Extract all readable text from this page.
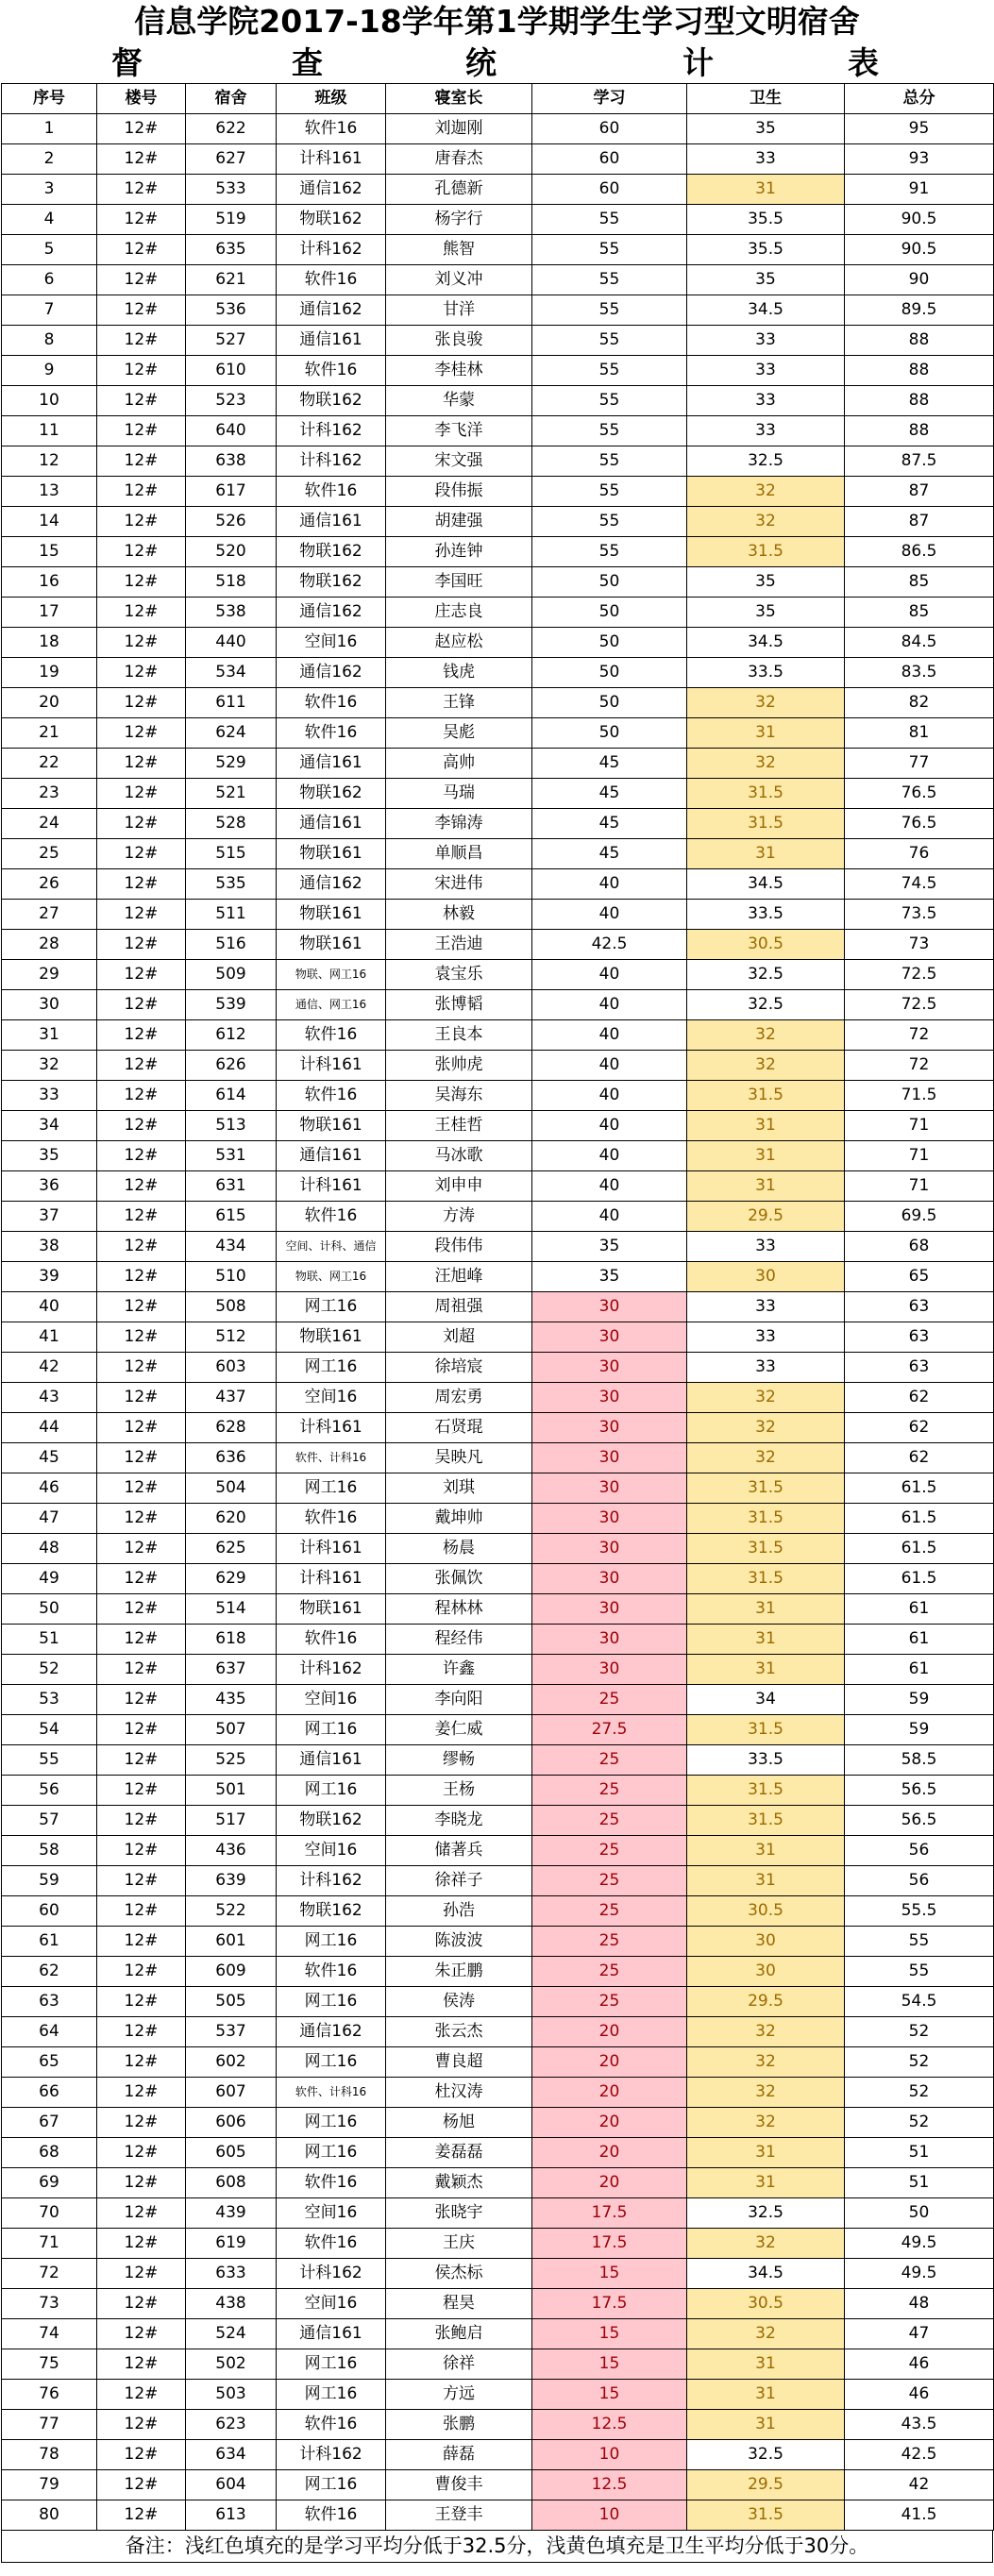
信息学院2017-18学年第1学期学生学习型文明宿舍
督	查	统	计	表
序号	楼号	宿舍	班级	寝室长	学习	卫生	总分
1	12#	622	软件16	刘迦刚	60	35	95
2	12#	627	计科161	唐春杰	60	33	93
3	12#	533	通信162	孔德新	60	31	91
4	12#	519	物联162	杨字行	55	35.5	90.5
5	12#	635	计科162	熊智	55	35.5	90.5
6	12#	621	软件16	刘义冲	55	35	90
7	12#	536	通信162	甘洋	55	34.5	89.5
8	12#	527	通信161	张良骏	55	33	88
9	12#	610	软件16	李桂林	55	33	88
10	12#	523	物联162	华蒙	55	33	88
11	12#	640	计科162	李飞洋	55	33	88
12	12#	638	计科162	宋文强	55	32.5	87.5
13	12#	617	软件16	段伟振	55	32	87
14	12#	526	通信161	胡建强	55	32	87
15	12#	520	物联162	孙连钟	55	31.5	86.5
16	12#	518	物联162	李国旺	50	35	85
17	12#	538	通信162	庄志良	50	35	85
18	12#	440	空间16	赵应松	50	34.5	84.5
19	12#	534	通信162	钱虎	50	33.5	83.5
20	12#	611	软件16	王锋	50	32	82
21	12#	624	软件16	吴彪	50	31	81
22	12#	529	通信161	高帅	45	32	77
23	12#	521	物联162	马瑞	45	31.5	76.5
24	12#	528	通信161	李锦涛	45	31.5	76.5
25	12#	515	物联161	单顺昌	45	31	76
26	12#	535	通信162	宋进伟	40	34.5	74.5
27	12#	511	物联161	林毅	40	33.5	73.5
28	12#	516	物联161	王浩迪	42.5	30.5	73
29	12#	509	物联、网工16	袁宝乐	40	32.5	72.5
30	12#	539	通信、网工16	张博韬	40	32.5	72.5
31	12#	612	软件16	王良本	40	32	72
32	12#	626	计科161	张帅虎	40	32	72
33	12#	614	软件16	吴海东	40	31.5	71.5
34	12#	513	物联161	王桂哲	40	31	71
35	12#	531	通信161	马冰歌	40	31	71
36	12#	631	计科161	刘申申	40	31	71
37	12#	615	软件16	方涛	40	29.5	69.5
38	12#	434	空间、计科、通信	段伟伟	35	33	68
39	12#	510	物联、网工16	汪旭峰	35	30	65
40	12#	508	网工16	周祖强	30	33	63
41	12#	512	物联161	刘超	30	33	63
42	12#	603	网工16	徐培宸	30	33	63
43	12#	437	空间16	周宏勇	30	32	62
44	12#	628	计科161	石贤琨	30	32	62
45	12#	636	软件、计科16	吴映凡	30	32	62
46	12#	504	网工16	刘琪	30	31.5	61.5
47	12#	620	软件16	戴坤帅	30	31.5	61.5
48	12#	625	计科161	杨晨	30	31.5	61.5
49	12#	629	计科161	张佩饮	30	31.5	61.5
50	12#	514	物联161	程林林	30	31	61
51	12#	618	软件16	程经伟	30	31	61
52	12#	637	计科162	许鑫	30	31	61
53	12#	435	空间16	李向阳	25	34	59
54	12#	507	网工16	姜仁威	27.5	31.5	59
55	12#	525	通信161	缪畅	25	33.5	58.5
56	12#	501	网工16	王杨	25	31.5	56.5
57	12#	517	物联162	李晓龙	25	31.5	56.5
58	12#	436	空间16	储著兵	25	31	56
59	12#	639	计科162	徐祥子	25	31	56
60	12#	522	物联162	孙浩	25	30.5	55.5
61	12#	601	网工16	陈波波	25	30	55
62	12#	609	软件16	朱正鹏	25	30	55
63	12#	505	网工16	侯涛	25	29.5	54.5
64	12#	537	通信162	张云杰	20	32	52
65	12#	602	网工16	曹良超	20	32	52
66	12#	607	软件、计科16	杜汉涛	20	32	52
67	12#	606	网工16	杨旭	20	32	52
68	12#	605	网工16	姜磊磊	20	31	51
69	12#	608	软件16	戴颖杰	20	31	51
70	12#	439	空间16	张晓宇	17.5	32.5	50
71	12#	619	软件16	王庆	17.5	32	49.5
72	12#	633	计科162	侯杰标	15	34.5	49.5
73	12#	438	空间16	程昊	17.5	30.5	48
74	12#	524	通信161	张鲍启	15	32	47
75	12#	502	网工16	徐祥	15	31	46
76	12#	503	网工16	方远	15	31	46
77	12#	623	软件16	张鹏	12.5	31	43.5
78	12#	634	计科162	薛磊	10	32.5	42.5
79	12#	604	网工16	曹俊丰	12.5	29.5	42
80	12#	613	软件16	王登丰	10	31.5	41.5
备注：浅红色填充的是学习平均分低于32.5分，浅黄色填充是卫生平均分低于30分。
